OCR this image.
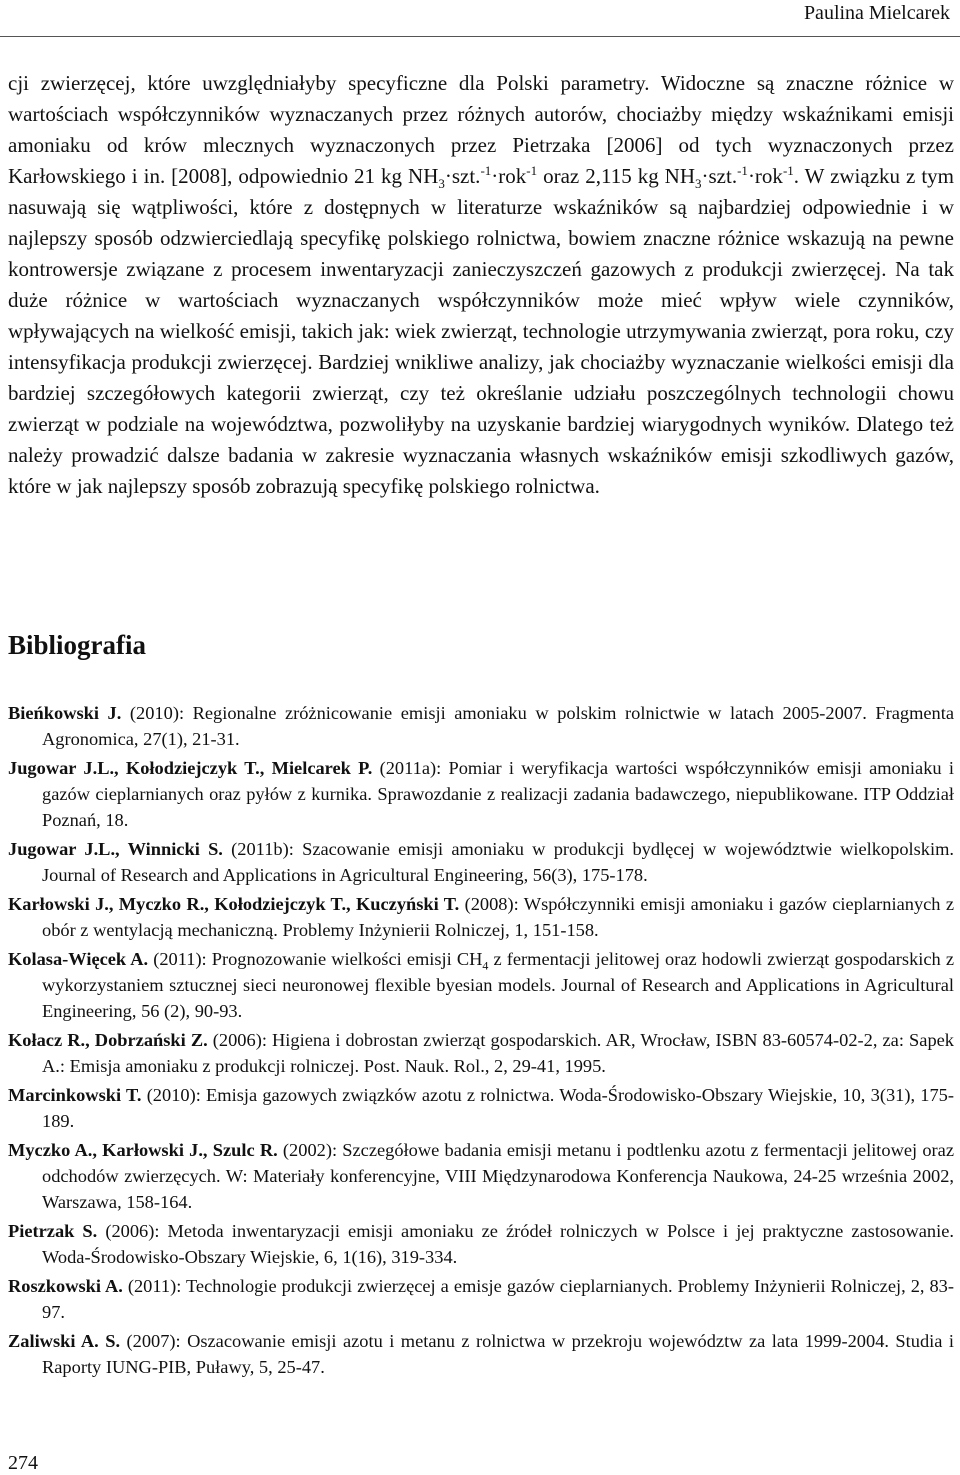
Paulina Mielcarek

cji zwierzęcej, które uwzględniałyby specyficzne dla Polski parametry. Widoczne są znaczne różnice w wartościach współczynników wyznaczanych przez różnych autorów, chociażby między wskaźnikami emisji amoniaku od krów mlecznych wyznaczonych przez Pietrzaka [2006] od tych wyznaczonych przez Karłowskiego i in. [2008], odpowiednio 21 kg $NH_3\cdot szt.^{-1}\cdot rok^{-1}$ oraz 2,115 kg $NH_3\cdot szt.^{-1}\cdot rok^{-1}$. W związku z tym nasuwają się wątpliwości, które z dostępnych w literaturze wskaźników są najbardziej odpowiednie i w najlepszy sposób odzwierciedlają specyfikę polskiego rolnictwa, bowiem znaczne różnice wskazują na pewne kontrowersje związane z procesem inwentaryzacji zanieczyszczeń gazowych z produkcji zwierzęcej. Na tak duże różnice w wartościach wyznaczanych współczynników może mieć wpływ wiele czynników, wpływających na wielkość emisji, takich jak: wiek zwierząt, technologie utrzymywania zwierząt, pora roku, czy intensyfikacja produkcji zwierzęcej. Bardziej wnikliwe analizy, jak chociażby wyznaczanie wielkości emisji dla bardziej szczegółowych kategorii zwierząt, czy też określanie udziału poszczególnych technologii chowu zwierząt w podziale na województwa, pozwoliłyby na uzyskanie bardziej wiarygodnych wyników. Dlatego też należy prowadzić dalsze badania w zakresie wyznaczania własnych wskaźników emisji szkodliwych gazów, które w jak najlepszy sposób zobrazują specyfikę polskiego rolnictwa.

Bibliografia
Bieńkowski J. (2010): Regionalne zróżnicowanie emisji amoniaku w polskim rolnictwie w latach 2005-2007. Fragmenta Agronomica, 27(1), 21-31.
Jugowar J.L., Kołodziejczyk T., Mielcarek P. (2011a): Pomiar i weryfikacja wartości współczynników emisji amoniaku i gazów cieplarnianych oraz pyłów z kurnika. Sprawozdanie z realizacji zadania badawczego, niepublikowane. ITP Oddział Poznań, 18.
Jugowar J.L., Winnicki S. (2011b): Szacowanie emisji amoniaku w produkcji bydlęcej w województwie wielkopolskim. Journal of Research and Applications in Agricultural Engineering, 56(3), 175-178.
Karłowski J., Myczko R., Kołodziejczyk T., Kuczyński T. (2008): Współczynniki emisji amoniaku i gazów cieplarnianych z obór z wentylacją mechaniczną. Problemy Inżynierii Rolniczej, 1, 151-158.
Kolasa-Więcek A. (2011): Prognozowanie wielkości emisji $CH_4$ z fermentacji jelitowej oraz hodowli zwierząt gospodarskich z wykorzystaniem sztucznej sieci neuronowej flexible byesian models. Journal of Research and Applications in Agricultural Engineering, 56 (2), 90-93.
Kołacz R., Dobrzański Z. (2006): Higiena i dobrostan zwierząt gospodarskich. AR, Wrocław, ISBN 83-60574-02-2, za: Sapek A.: Emisja amoniaku z produkcji rolniczej. Post. Nauk. Rol., 2, 29-41, 1995.
Marcinkowski T. (2010): Emisja gazowych związków azotu z rolnictwa. Woda-Środowisko-Obszary Wiejskie, 10, 3(31), 175-189.
Myczko A., Karłowski J., Szulc R. (2002): Szczegółowe badania emisji metanu i podtlenku azotu z fermentacji jelitowej oraz odchodów zwierzęcych. W: Materiały konferencyjne, VIII Międzynarodowa Konferencja Naukowa, 24-25 września 2002, Warszawa, 158-164.
Pietrzak S. (2006): Metoda inwentaryzacji emisji amoniaku ze źródeł rolniczych w Polsce i jej praktyczne zastosowanie. Woda-Środowisko-Obszary Wiejskie, 6, 1(16), 319-334.
Roszkowski A. (2011): Technologie produkcji zwierzęcej a emisje gazów cieplarnianych. Problemy Inżynierii Rolniczej, 2, 83-97.
Zaliwski A. S. (2007): Oszacowanie emisji azotu i metanu z rolnictwa w przekroju województw za lata 1999-2004. Studia i Raporty IUNG-PIB, Puławy, 5, 25-47.
274
